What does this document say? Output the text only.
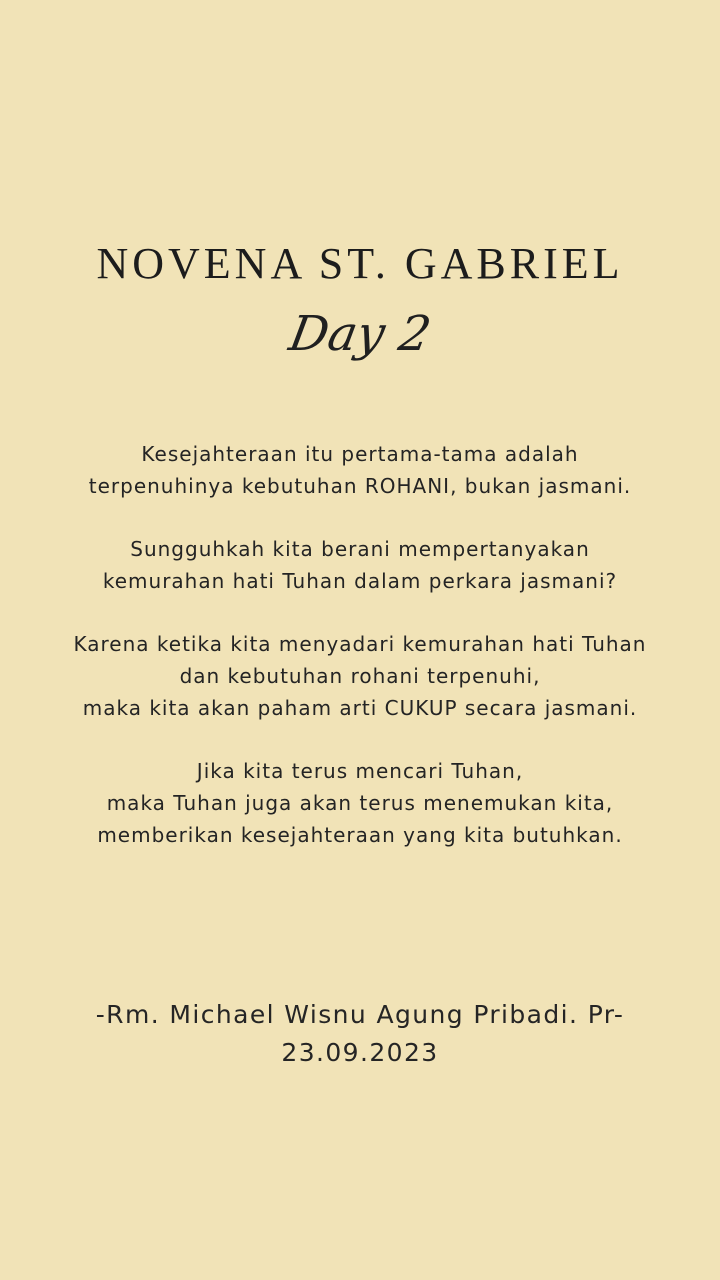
NOVENA ST. GABRIEL
Day 2

Kesejahteraan itu pertama-tama adalah
terpenuhinya kebutuhan ROHANI, bukan jasmani.

Sungguhkah kita berani mempertanyakan
kemurahan hati Tuhan dalam perkara jasmani?

Karena ketika kita menyadari kemurahan hati Tuhan
dan kebutuhan rohani terpenuhi,
maka kita akan paham arti CUKUP secara jasmani.

Jika kita terus mencari Tuhan,
maka Tuhan juga akan terus menemukan kita,
memberikan kesejahteraan yang kita butuhkan.

-Rm. Michael Wisnu Agung Pribadi. Pr-
23.09.2023
